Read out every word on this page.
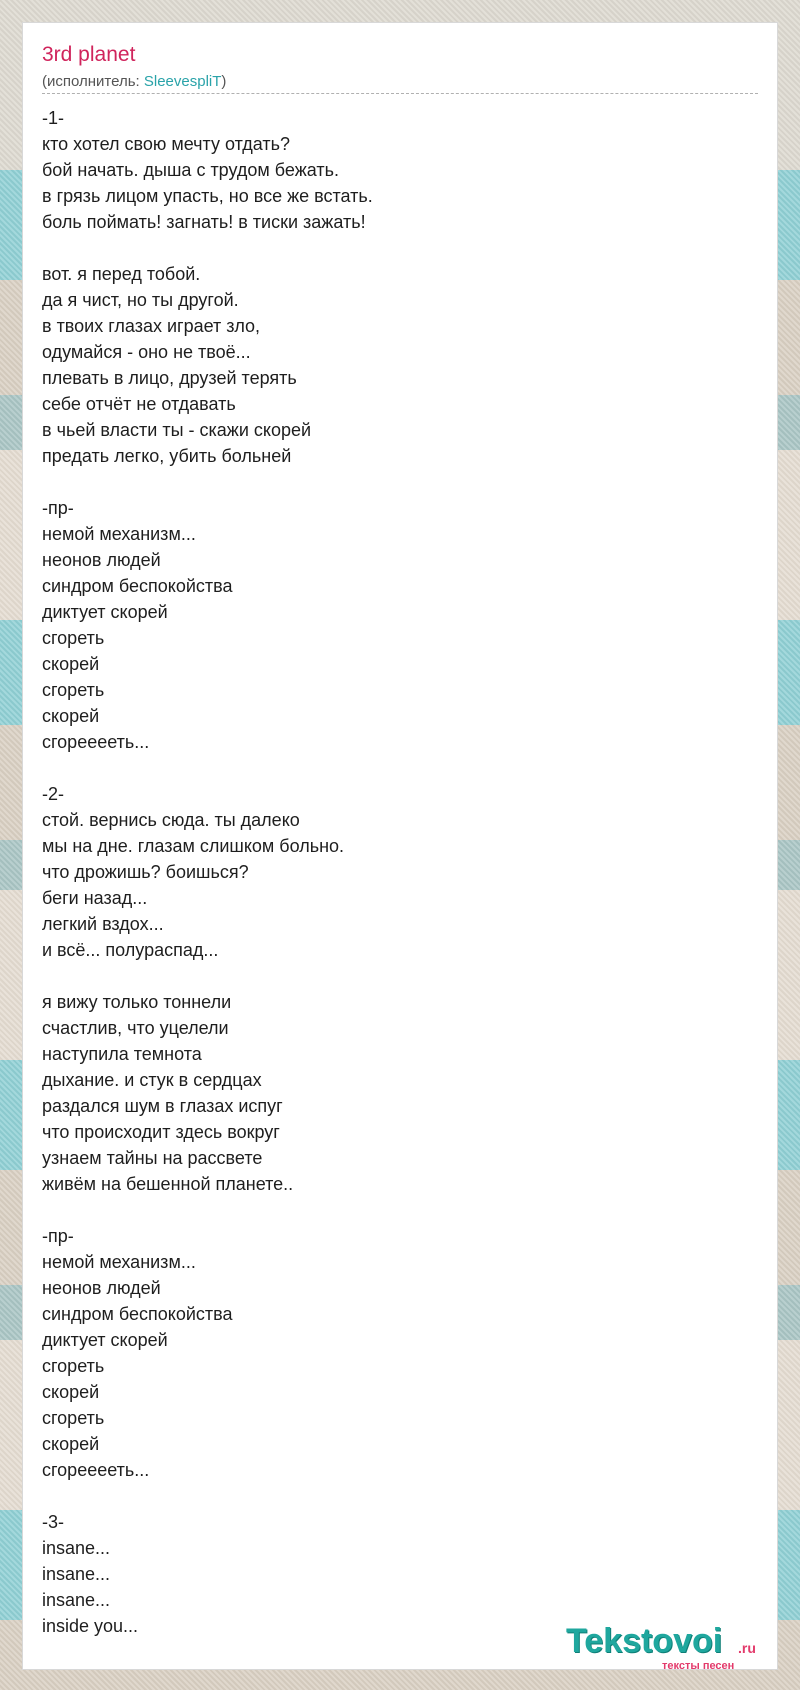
3rd planet
(исполнитель: SleevespliT)
-1-
кто хотел свою мечту отдать?
бой начать. дыша с трудом бежать.
в грязь лицом упасть, но все же встать.
боль поймать! загнать! в тиски зажать!
вот. я перед тобой.
да я чист, но ты другой.
в твоих глазах играет зло,
одумайся - оно не твоё...
плевать в лицо, друзей терять
себе отчёт не отдавать
в чьей власти ты - скажи скорей
предать легко, убить больней
-пр-
немой механизм...
неонов людей
синдром беспокойства
диктует скорей
сгореть
скорей
сгореть
скорей
сгорееееть...
-2-
стой. вернись сюда. ты далеко
мы на дне. глазам слишком больно.
что дрожишь? боишься?
беги назад...
легкий вздох...
и всё... полураспад...
я вижу только тоннели
счастлив, что уцелели
наступила темнота
дыхание. и стук в сердцах
раздался шум в глазах испуг
что происходит здесь вокруг
узнаем тайны на рассвете
живём на бешенной планете..
-пр-
немой механизм...
неонов людей
синдром беспокойства
диктует скорей
сгореть
скорей
сгореть
скорей
сгорееееть...
-3-
insane...
insane...
insane...
inside you...	Tekstovoi .ru
тексты песен
